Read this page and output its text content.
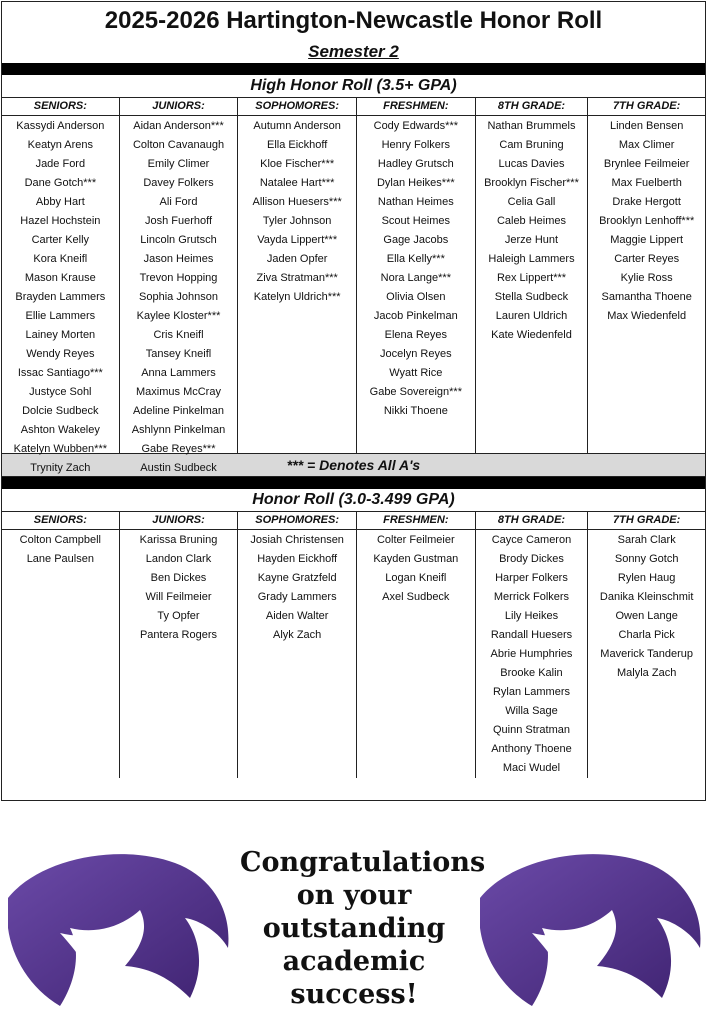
2025-2026 Hartington-Newcastle Honor Roll
Semester 2
High Honor Roll (3.5+ GPA)
SENIORS:
Kassydi Anderson
Keatyn Arens
Jade Ford
Dane Gotch***
Abby Hart
Hazel Hochstein
Carter Kelly
Kora Kneifl
Mason Krause
Brayden Lammers
Ellie Lammers
Lainey Morten
Wendy Reyes
Issac Santiago***
Justyce Sohl
Dolcie Sudbeck
Ashton Wakeley
Katelyn Wubben***
Trynity Zach
JUNIORS:
Aidan Anderson***
Colton Cavanaugh
Emily Climer
Davey Folkers
Ali Ford
Josh Fuerhoff
Lincoln Grutsch
Jason Heimes
Trevon Hopping
Sophia Johnson
Kaylee Kloster***
Cris Kneifl
Tansey Kneifl
Anna Lammers
Maximus McCray
Adeline Pinkelman
Ashlynn Pinkelman
Gabe Reyes***
Austin Sudbeck
SOPHOMORES:
Autumn Anderson
Ella Eickhoff
Kloe Fischer***
Natalee Hart***
Allison Huesers***
Tyler Johnson
Vayda Lippert***
Jaden Opfer
Ziva Stratman***
Katelyn Uldrich***
FRESHMEN:
Cody Edwards***
Henry Folkers
Hadley Grutsch
Dylan Heikes***
Nathan Heimes
Scout Heimes
Gage Jacobs
Ella Kelly***
Nora Lange***
Olivia Olsen
Jacob Pinkelman
Elena Reyes
Jocelyn Reyes
Wyatt Rice
Gabe Sovereign***
Nikki Thoene
8TH GRADE:
Nathan Brummels
Cam Bruning
Lucas Davies
Brooklyn Fischer***
Celia Gall
Caleb Heimes
Jerze Hunt
Haleigh Lammers
Rex Lippert***
Stella Sudbeck
Lauren Uldrich
Kate Wiedenfeld
7TH GRADE:
Linden Bensen
Max Climer
Brynlee Feilmeier
Max Fuelberth
Drake Hergott
Brooklyn Lenhoff***
Maggie Lippert
Carter Reyes
Kylie Ross
Samantha Thoene
Max Wiedenfeld
*** = Denotes All A's
Honor Roll (3.0-3.499 GPA)
SENIORS:
Colton Campbell
Lane Paulsen
JUNIORS:
Karissa Bruning
Landon Clark
Ben Dickes
Will Feilmeier
Ty Opfer
Pantera Rogers
SOPHOMORES:
Josiah Christensen
Hayden Eickhoff
Kayne Gratzfeld
Grady Lammers
Aiden Walter
Alyk Zach
FRESHMEN:
Colter Feilmeier
Kayden Gustman
Logan Kneifl
Axel Sudbeck
8TH GRADE:
Cayce Cameron
Brody Dickes
Harper Folkers
Merrick Folkers
Lily Heikes
Randall Huesers
Abrie Humphries
Brooke Kalin
Rylan Lammers
Willa Sage
Quinn Stratman
Anthony Thoene
Maci Wudel
7TH GRADE:
Sarah Clark
Sonny Gotch
Rylen Haug
Danika Kleinschmit
Owen Lange
Charla Pick
Maverick Tanderup
Malyla Zach
Congratulations
on your
outstanding
academic
success!
